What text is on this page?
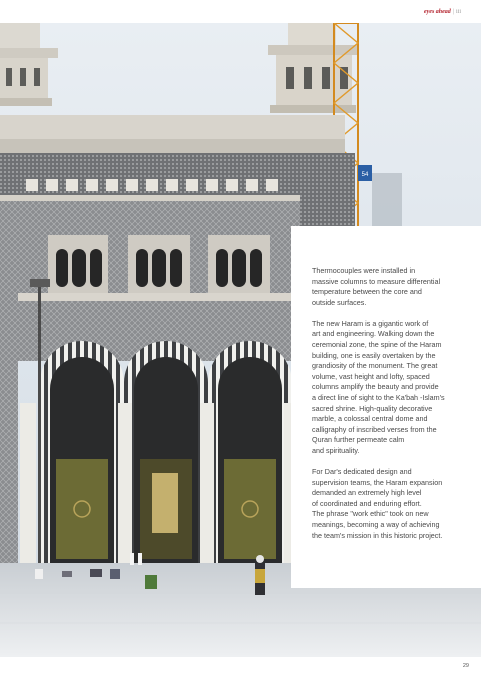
eyes ahead | iii
54

Thermocouples were installed in
massive columns to measure differential
temperature between the core and
outside surfaces.

The new Haram is a gigantic work of
art and engineering. Walking down the
ceremonial zone, the spine of the Haram
building, one is easily overtaken by the
grandiosity of the monument. The great
volume, vast height and lofty, spaced
columns amplify the beauty and provide
a direct line of sight to the Ka'bah -Islam's
sacred shrine. High-quality decorative
marble, a colossal central dome and
calligraphy of inscribed verses from the
Quran further permeate calm
and spirituality.

For Dar's dedicated design and
supervision teams, the Haram expansion
demanded an extremely high level
of coordinated and enduring effort.
The phrase "work ethic" took on new
meanings, becoming a way of achieving
the team's mission in this historic project.

29
